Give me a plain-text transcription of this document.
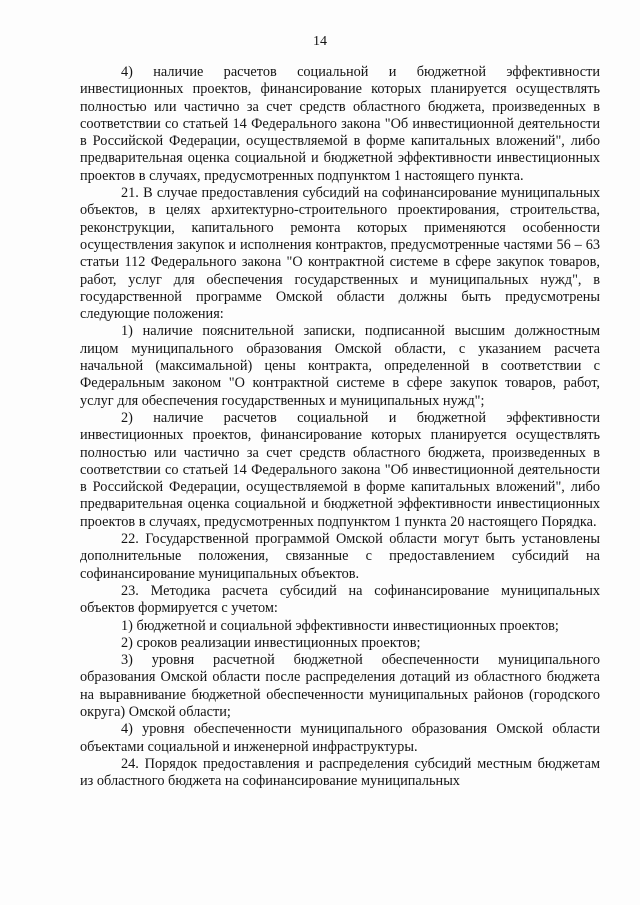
14

4) наличие расчетов социальной и бюджетной эффективности инвестиционных проектов, финансирование которых планируется осуществлять полностью или частично за счет средств областного бюджета, произведенных в соответствии со статьей 14 Федерального закона "Об инвестиционной деятельности в Российской Федерации, осуществляемой в форме капитальных вложений", либо предварительная оценка социальной и бюджетной эффективности инвестиционных проектов в случаях, предусмотренных подпунктом 1 настоящего пункта.

21. В случае предоставления субсидий на софинансирование муниципальных объектов, в целях архитектурно-строительного проектирования, строительства, реконструкции, капитального ремонта которых применяются особенности осуществления закупок и исполнения контрактов, предусмотренные частями 56 – 63 статьи 112 Федерального закона "О контрактной системе в сфере закупок товаров, работ, услуг для обеспечения государственных и муниципальных нужд", в государственной программе Омской области должны быть предусмотрены следующие положения:

1) наличие пояснительной записки, подписанной высшим должностным лицом муниципального образования Омской области, с указанием расчета начальной (максимальной) цены контракта, определенной в соответствии с Федеральным законом "О контрактной системе в сфере закупок товаров, работ, услуг для обеспечения государственных и муниципальных нужд";

2) наличие расчетов социальной и бюджетной эффективности инвестиционных проектов, финансирование которых планируется осуществлять полностью или частично за счет средств областного бюджета, произведенных в соответствии со статьей 14 Федерального закона "Об инвестиционной деятельности в Российской Федерации, осуществляемой в форме капитальных вложений", либо предварительная оценка социальной и бюджетной эффективности инвестиционных проектов в случаях, предусмотренных подпунктом 1 пункта 20 настоящего Порядка.

22. Государственной программой Омской области могут быть установлены дополнительные положения, связанные с предоставлением субсидий на софинансирование муниципальных объектов.

23. Методика расчета субсидий на софинансирование муниципальных объектов формируется с учетом:

1) бюджетной и социальной эффективности инвестиционных проектов;

2) сроков реализации инвестиционных проектов;

3) уровня расчетной бюджетной обеспеченности муниципального образования Омской области после распределения дотаций из областного бюджета на выравнивание бюджетной обеспеченности муниципальных районов (городского округа) Омской области;

4) уровня обеспеченности муниципального образования Омской области объектами социальной и инженерной инфраструктуры.

24. Порядок предоставления и распределения субсидий местным бюджетам из областного бюджета на софинансирование муниципальных
